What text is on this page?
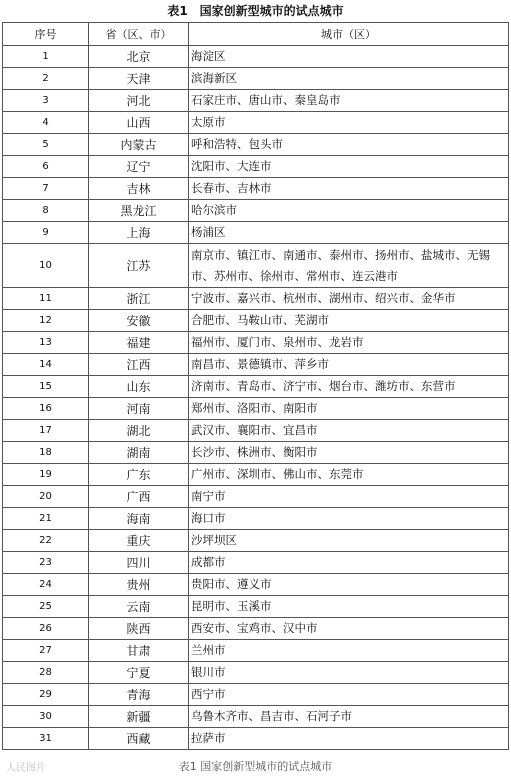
表1　国家创新型城市的试点城市
序号	省（区、市）	城市（区）
1	北京	海淀区
2	天津	滨海新区
3	河北	石家庄市、唐山市、秦皇岛市
4	山西	太原市
5	内蒙古	呼和浩特、包头市
6	辽宁	沈阳市、大连市
7	吉林	长春市、吉林市
8	黑龙江	哈尔滨市
9	上海	杨浦区
10	江苏	南京市、镇江市、南通市、泰州市、扬州市、盐城市、无锡市、苏州市、徐州市、常州市、连云港市
11	浙江	宁波市、嘉兴市、杭州市、湖州市、绍兴市、金华市
12	安徽	合肥市、马鞍山市、芜湖市
13	福建	福州市、厦门市、泉州市、龙岩市
14	江西	南昌市、景德镇市、萍乡市
15	山东	济南市、青岛市、济宁市、烟台市、潍坊市、东营市
16	河南	郑州市、洛阳市、南阳市
17	湖北	武汉市、襄阳市、宜昌市
18	湖南	长沙市、株洲市、衡阳市
19	广东	广州市、深圳市、佛山市、东莞市
20	广西	南宁市
21	海南	海口市
22	重庆	沙坪坝区
23	四川	成都市
24	贵州	贵阳市、遵义市
25	云南	昆明市、玉溪市
26	陕西	西安市、宝鸡市、汉中市
27	甘肃	兰州市
28	宁夏	银川市
29	青海	西宁市
30	新疆	乌鲁木齐市、昌吉市、石河子市
31	西藏	拉萨市
人民图片	表1 国家创新型城市的试点城市
